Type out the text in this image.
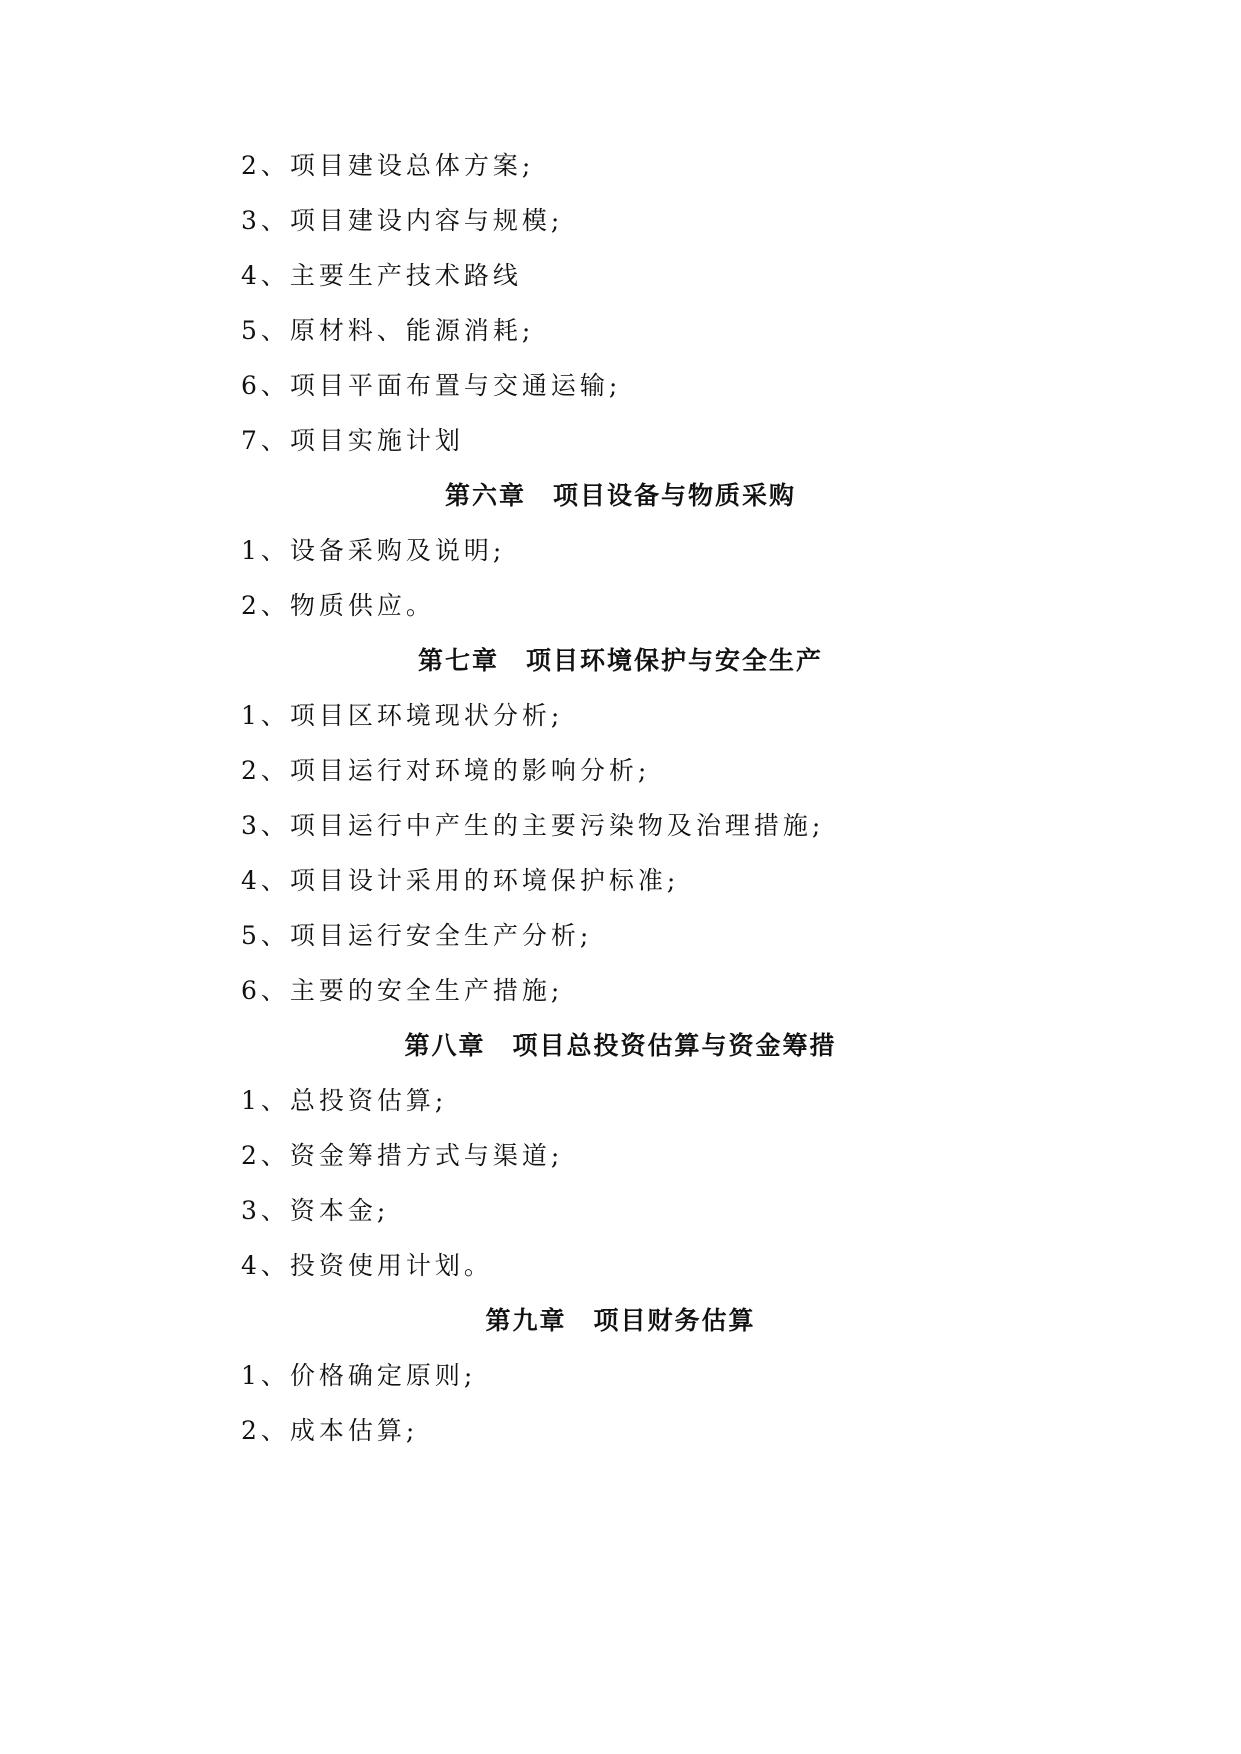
2、项目建设总体方案;
3、项目建设内容与规模;
4、主要生产技术路线
5、原材料、能源消耗;
6、项目平面布置与交通运输;
7、项目实施计划
第六章　项目设备与物质采购
1、设备采购及说明;
2、物质供应。
第七章　项目环境保护与安全生产
1、项目区环境现状分析;
2、项目运行对环境的影响分析;
3、项目运行中产生的主要污染物及治理措施;
4、项目设计采用的环境保护标准;
5、项目运行安全生产分析;
6、主要的安全生产措施;
第八章　项目总投资估算与资金筹措
1、总投资估算;
2、资金筹措方式与渠道;
3、资本金;
4、投资使用计划。
第九章　项目财务估算
1、价格确定原则;
2、成本估算;
